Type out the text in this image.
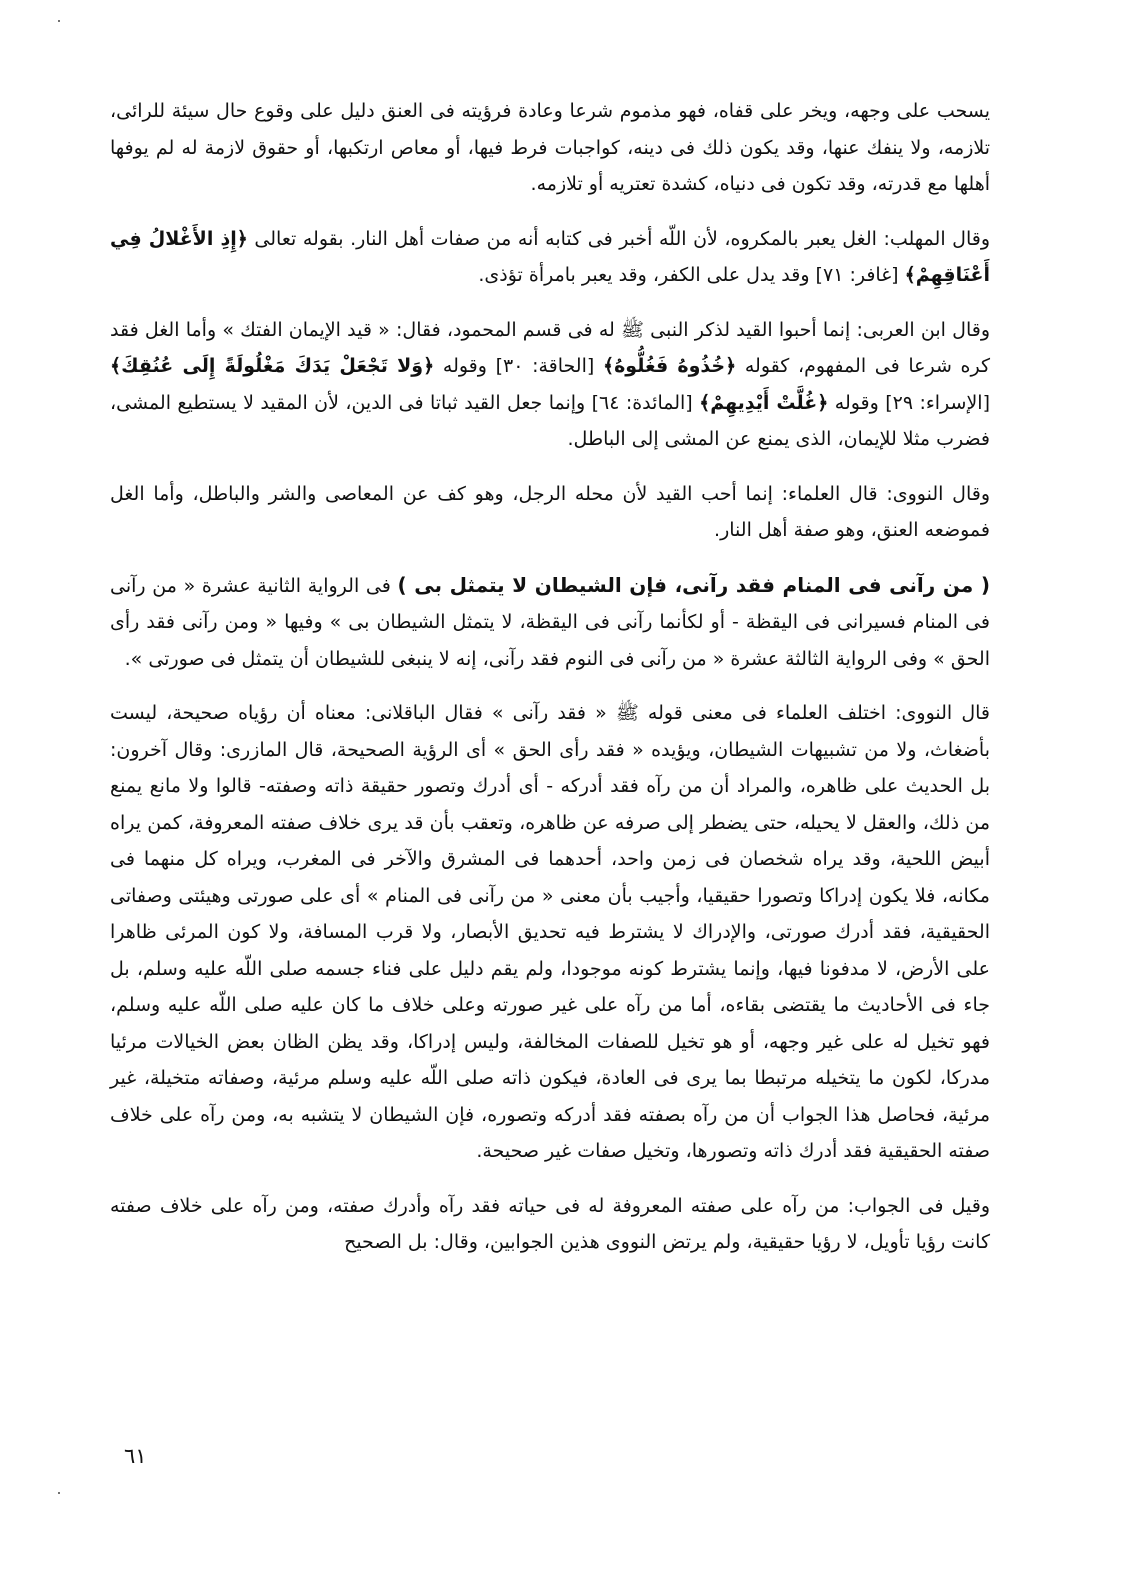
يسحب على وجهه، ويخر على قفاه، فهو مذموم شرعا وعادة فرؤيته فى العنق دليل على وقوع حال سيئة للرائى، تلازمه، ولا ينفك عنها، وقد يكون ذلك فى دينه، كواجبات فرط فيها، أو معاص ارتكبها، أو حقوق لازمة له لم يوفها أهلها مع قدرته، وقد تكون فى دنياه، كشدة تعتريه أو تلازمه.

وقال المهلب: الغل يعبر بالمكروه، لأن اللّه أخبر فى كتابه أنه من صفات أهل النار. بقوله تعالى ﴿إِذِ الأَغْلالُ فِي أَعْنَاقِهِمْ﴾ [غافر: ٧١] وقد يدل على الكفر، وقد يعبر بامرأة تؤذى.

وقال ابن العربى: إنما أحبوا القيد لذكر النبى ﷺ له فى قسم المحمود، فقال: « قيد الإيمان الفتك » وأما الغل فقد كره شرعا فى المفهوم، كقوله ﴿خُذُوهُ فَغُلُّوهُ﴾ [الحاقة: ٣٠] وقوله ﴿وَلا تَجْعَلْ يَدَكَ مَغْلُولَةً إِلَى عُنُقِكَ﴾ [الإسراء: ٢٩] وقوله ﴿غُلَّتْ أَيْدِيهِمْ﴾ [المائدة: ٦٤] وإنما جعل القيد ثباتا فى الدين، لأن المقيد لا يستطيع المشى، فضرب مثلا للإيمان، الذى يمنع عن المشى إلى الباطل.

وقال النووى: قال العلماء: إنما أحب القيد لأن محله الرجل، وهو كف عن المعاصى والشر والباطل، وأما الغل فموضعه العنق، وهو صفة أهل النار.

( من رآنى فى المنام فقد رآنى، فإن الشيطان لا يتمثل بى ) فى الرواية الثانية عشرة « من رآنى فى المنام فسيرانى فى اليقظة - أو لكأنما رآنى فى اليقظة، لا يتمثل الشيطان بى » وفيها « ومن رآنى فقد رأى الحق » وفى الرواية الثالثة عشرة « من رآنى فى النوم فقد رآنى، إنه لا ينبغى للشيطان أن يتمثل فى صورتى ».

قال النووى: اختلف العلماء فى معنى قوله ﷺ « فقد رآنى » فقال الباقلانى: معناه أن رؤياه صحيحة، ليست بأضغاث، ولا من تشبيهات الشيطان، ويؤيده « فقد رأى الحق » أى الرؤية الصحيحة، قال المازرى: وقال آخرون: بل الحديث على ظاهره، والمراد أن من رآه فقد أدركه - أى أدرك وتصور حقيقة ذاته وصفته- قالوا ولا مانع يمنع من ذلك، والعقل لا يحيله، حتى يضطر إلى صرفه عن ظاهره، وتعقب بأن قد يرى خلاف صفته المعروفة، كمن يراه أبيض اللحية، وقد يراه شخصان فى زمن واحد، أحدهما فى المشرق والآخر فى المغرب، ويراه كل منهما فى مكانه، فلا يكون إدراكا وتصورا حقيقيا، وأجيب بأن معنى « من رآنى فى المنام » أى على صورتى وهيئتى وصفاتى الحقيقية، فقد أدرك صورتى، والإدراك لا يشترط فيه تحديق الأبصار، ولا قرب المسافة، ولا كون المرئى ظاهرا على الأرض، لا مدفونا فيها، وإنما يشترط كونه موجودا، ولم يقم دليل على فناء جسمه صلى اللّه عليه وسلم، بل جاء فى الأحاديث ما يقتضى بقاءه، أما من رآه على غير صورته وعلى خلاف ما كان عليه صلى اللّه عليه وسلم، فهو تخيل له على غير وجهه، أو هو تخيل للصفات المخالفة، وليس إدراكا، وقد يظن الظان بعض الخيالات مرئيا مدركا، لكون ما يتخيله مرتبطا بما يرى فى العادة، فيكون ذاته صلى اللّه عليه وسلم مرئية، وصفاته متخيلة، غير مرئية، فحاصل هذا الجواب أن من رآه بصفته فقد أدركه وتصوره، فإن الشيطان لا يتشبه به، ومن رآه على خلاف صفته الحقيقية فقد أدرك ذاته وتصورها، وتخيل صفات غير صحيحة.

وقيل فى الجواب: من رآه على صفته المعروفة له فى حياته فقد رآه وأدرك صفته، ومن رآه على خلاف صفته كانت رؤيا تأويل، لا رؤيا حقيقية، ولم يرتض النووى هذين الجوابين، وقال: بل الصحيح

٦١
